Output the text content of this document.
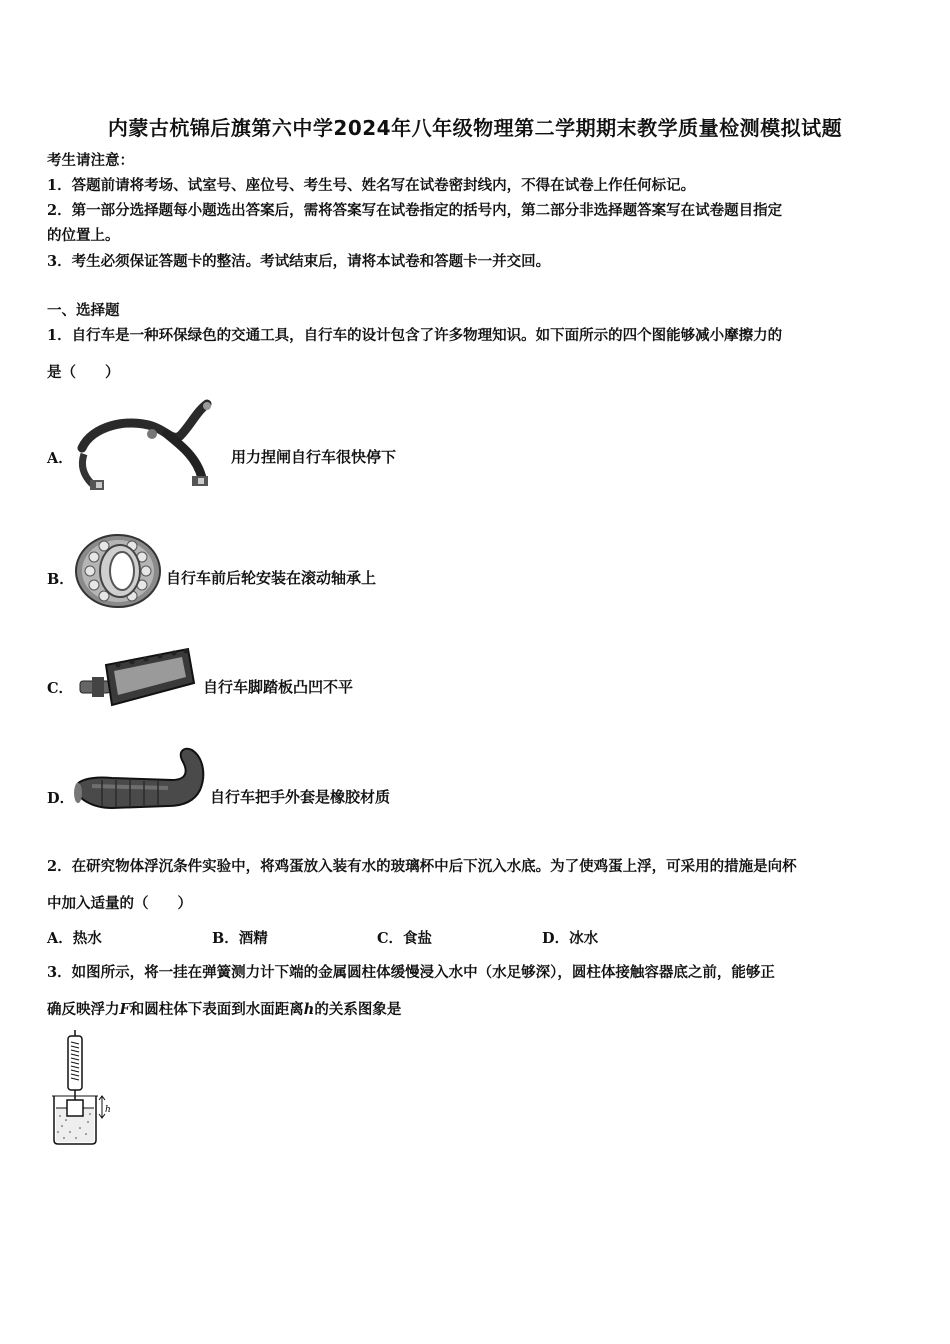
内蒙古杭锦后旗第六中学2024年八年级物理第二学期期末教学质量检测模拟试题
考生请注意：
1．答题前请将考场、试室号、座位号、考生号、姓名写在试卷密封线内，不得在试卷上作任何标记。
2．第一部分选择题每小题选出答案后，需将答案写在试卷指定的括号内，第二部分非选择题答案写在试卷题目指定
的位置上。
3．考生必须保证答题卡的整洁。考试结束后，请将本试卷和答题卡一并交回。
一、选择题
1．自行车是一种环保绿色的交通工具，自行车的设计包含了许多物理知识。如下面所示的四个图能够减小摩擦力的
是（　　）
A．	用力捏闸自行车很快停下
B．	自行车前后轮安装在滚动轴承上
C．	自行车脚踏板凸凹不平
D．	自行车把手外套是橡胶材质
2．在研究物体浮沉条件实验中，将鸡蛋放入装有水的玻璃杯中后下沉入水底。为了使鸡蛋上浮，可采用的措施是向杯
中加入适量的（　　）
A．热水	B．酒精	C．食盐	D．冰水
3．如图所示，将一挂在弹簧测力计下端的金属圆柱体缓慢浸入水中（水足够深），圆柱体接触容器底之前，能够正
确反映浮力F和圆柱体下表面到水面距离h的关系图象是
h
